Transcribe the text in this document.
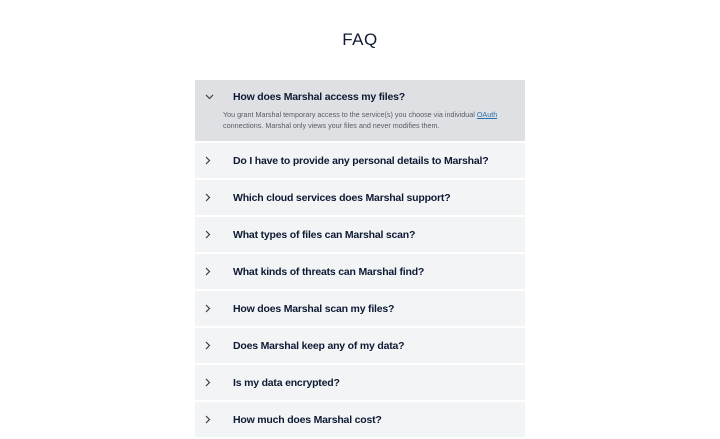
FAQ
How does Marshal access my files?
You grant Marshal temporary access to the service(s) you choose via individual OAuth connections. Marshal only views your files and never modifies them.
Do I have to provide any personal details to Marshal?
Which cloud services does Marshal support?
What types of files can Marshal scan?
What kinds of threats can Marshal find?
How does Marshal scan my files?
Does Marshal keep any of my data?
Is my data encrypted?
How much does Marshal cost?
